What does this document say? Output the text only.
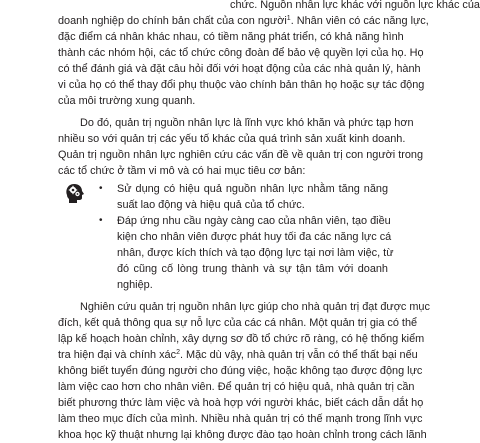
chức. Nguồn nhân lực khác với nguồn lực khác của
doanh nghiệp do chính bản chất của con người$^1$. Nhân viên có các năng lực,
đặc điểm cá nhân khác nhau, có tiềm năng phát triển, có khả năng hình
thành các nhóm hội, các tổ chức công đoàn để bảo vệ quyền lợi của họ. Họ
có thể đánh giá và đặt câu hỏi đối với hoạt động của các nhà quản lý, hành
vi của họ có thể thay đổi phụ thuộc vào chính bản thân họ hoặc sự tác động
của môi trường xung quanh.
Do đó, quản trị nguồn nhân lực là lĩnh vực khó khăn và phức tạp hơn
nhiều so với quản trị các yếu tố khác của quá trình sản xuất kinh doanh.
Quản trị nguồn nhân lực nghiên cứu các vấn đề về quản trị con người trong
các tổ chức ở tầm vi mô và có hai mục tiêu cơ bản:
•	Sử dụng có hiệu quả nguồn nhân lực nhằm tăng năng
suất lao động và hiệu quả của tổ chức.
•	Đáp ứng nhu cầu ngày càng cao của nhân viên, tạo điều
kiện cho nhân viên được phát huy tối đa các năng lực cá
nhân, được kích thích và tạo động lực tại nơi làm việc, từ
đó cũng cố lòng trung thành và sự tận tâm với doanh
nghiệp.
Nghiên cứu quản trị nguồn nhân lực giúp cho nhà quản trị đạt được mục
đích, kết quả thông qua sự nỗ lực của các cá nhân. Một quản trị gia có thể
lập kế hoạch hoàn chỉnh, xây dựng sơ đồ tổ chức rõ ràng, có hệ thống kiểm
tra hiện đại và chính xác$^2$. Mặc dù vậy, nhà quản trị vẫn có thể thất bại nếu
không biết tuyển đúng người cho đúng việc, hoặc không tạo được động lực
làm việc cao hơn cho nhân viên. Để quản trị có hiệu quả, nhà quản trị cần
biết phương thức làm việc và hoà hợp với người khác, biết cách dẫn dắt họ
làm theo mục đích của mình. Nhiều nhà quản trị có thế mạnh trong lĩnh vực
khoa học kỹ thuật nhưng lại không được đào tạo hoàn chỉnh trong cách lãnh
